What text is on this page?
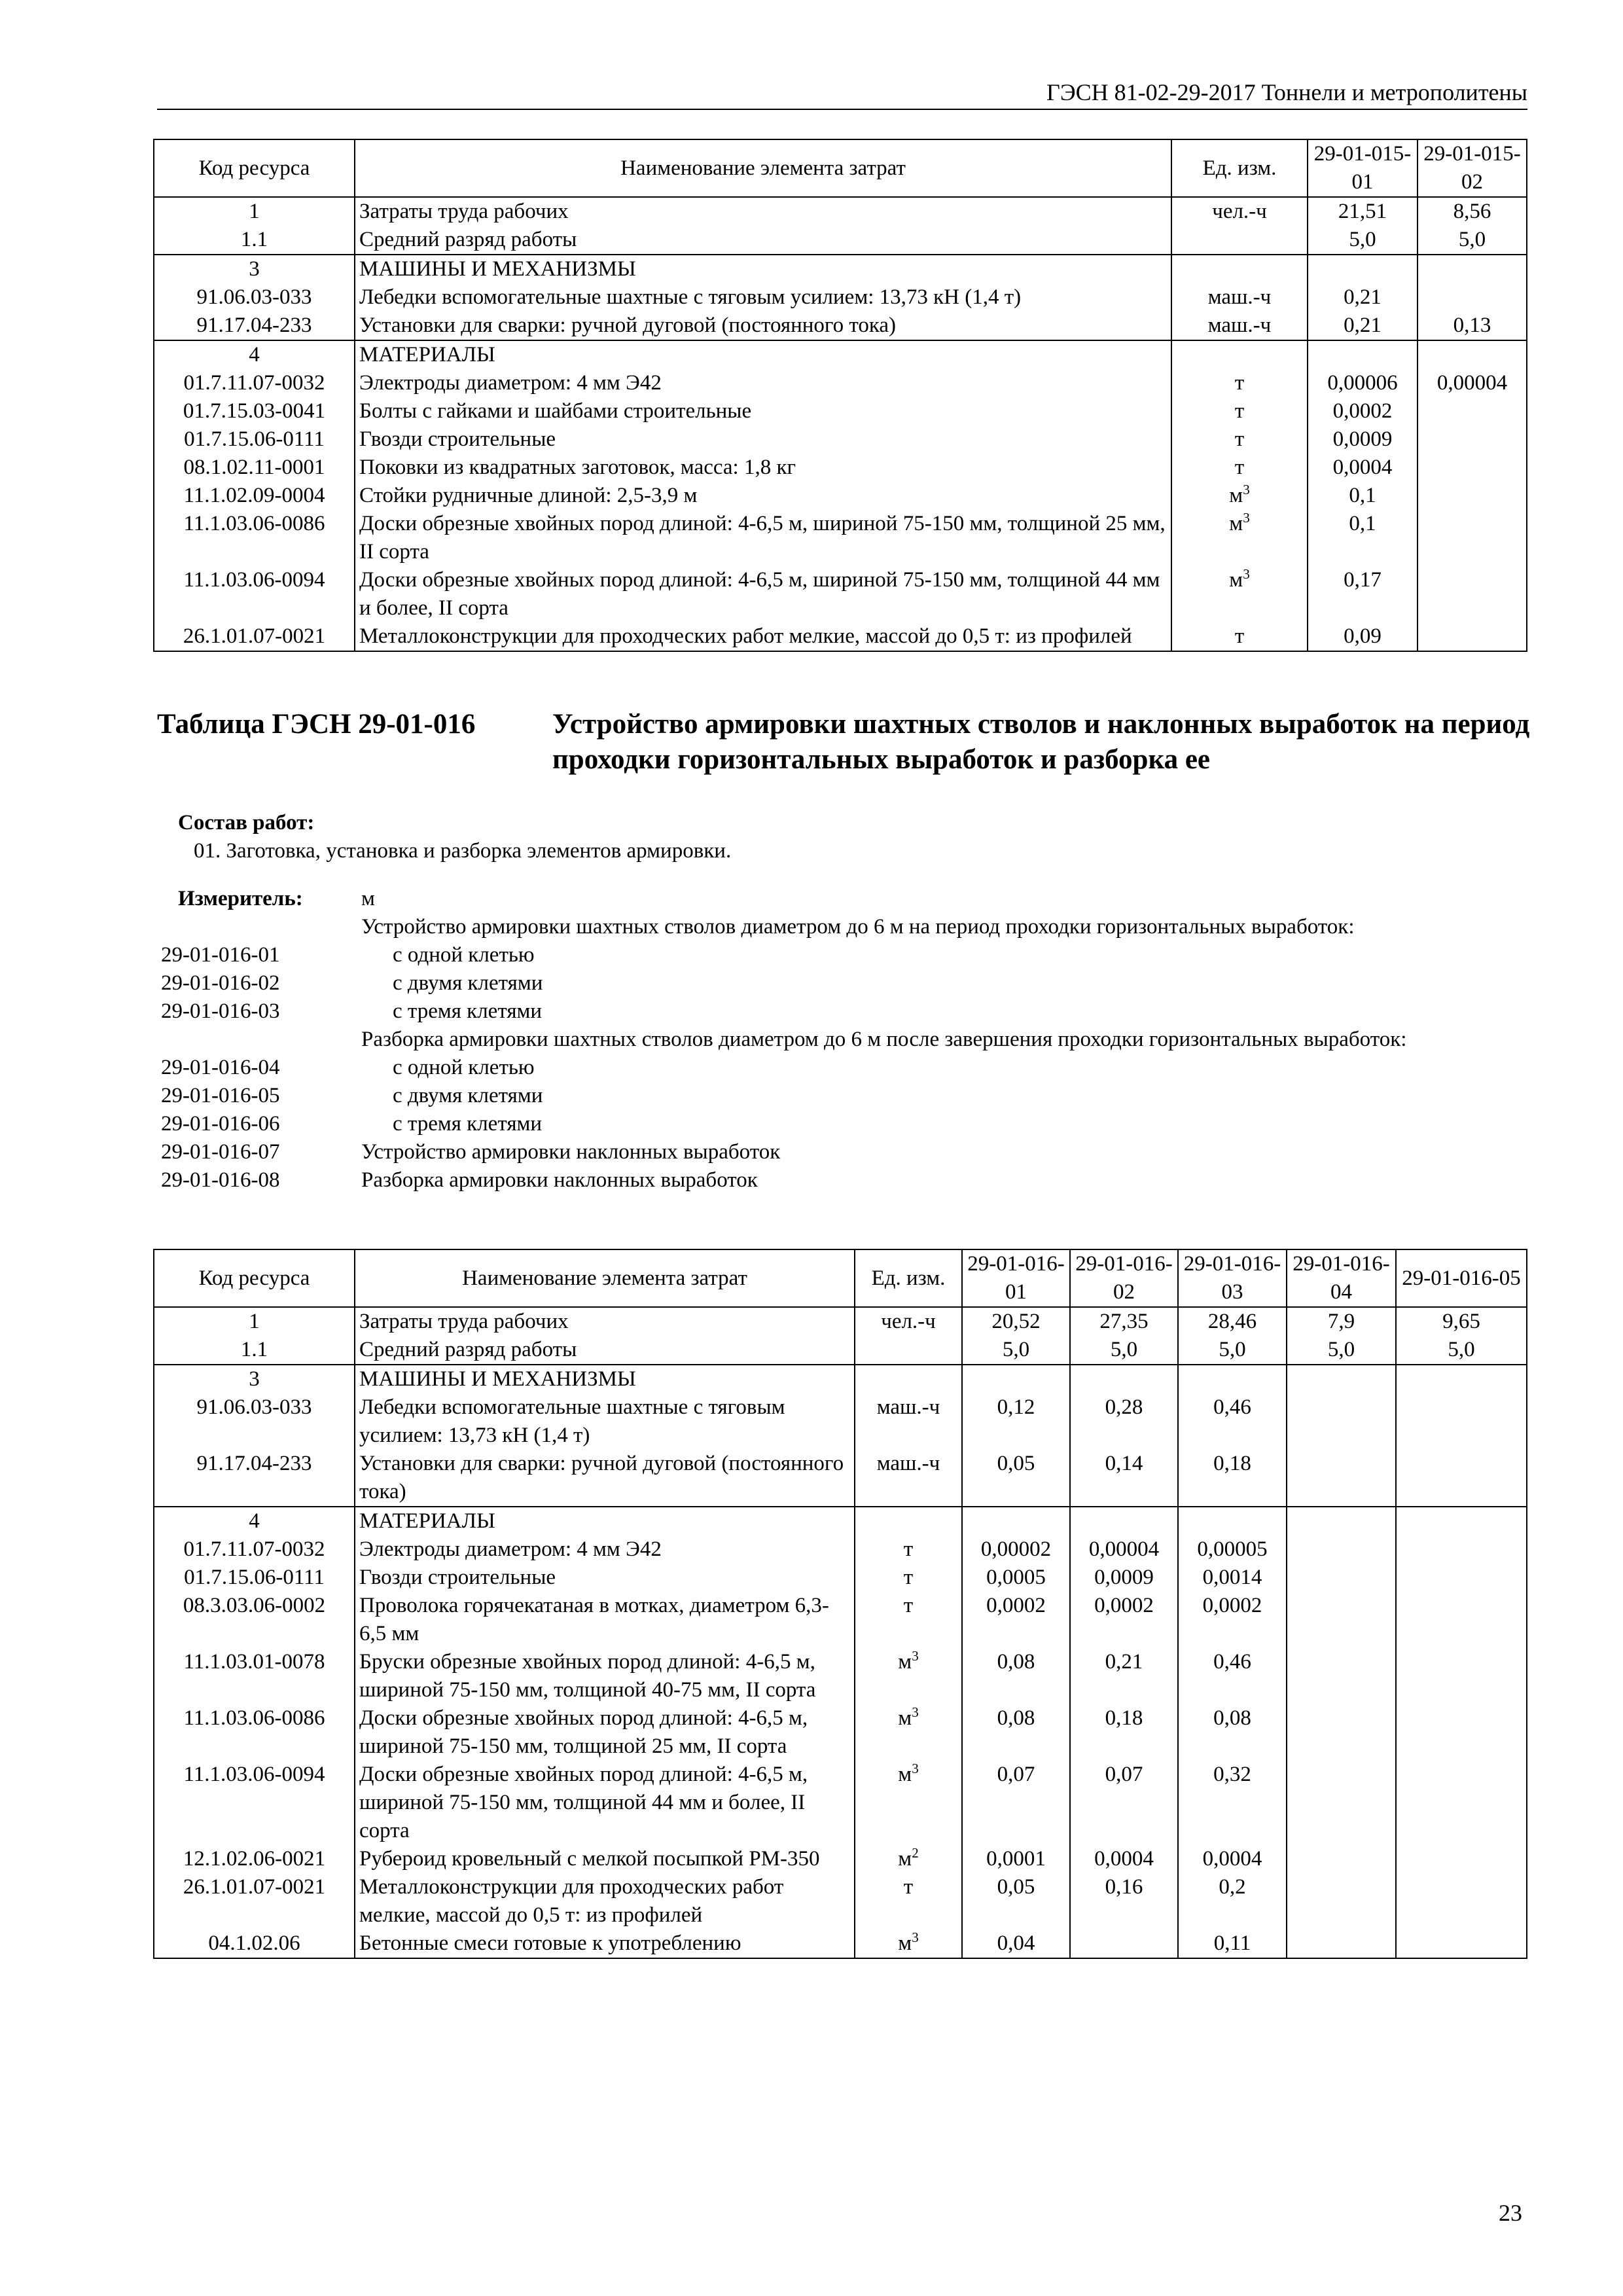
ГЭСН 81-02-29-2017 Тоннели и метрополитены
Код ресурса	Наименование элемента затрат	Ед. изм.	29-01-015-01	29-01-015-02
1	Затраты труда рабочих	чел.-ч	21,51	8,56
1.1	Средний разряд работы		5,0	5,0
3	МАШИНЫ И МЕХАНИЗМЫ			
91.06.03-033	Лебедки вспомогательные шахтные с тяговым усилием: 13,73 кН (1,4 т)	маш.-ч	0,21	
91.17.04-233	Установки для сварки: ручной дуговой (постоянного тока)	маш.-ч	0,21	0,13
4	МАТЕРИАЛЫ			
01.7.11.07-0032	Электроды диаметром: 4 мм Э42	т	0,00006	0,00004
01.7.15.03-0041	Болты с гайками и шайбами строительные	т	0,0002	
01.7.15.06-0111	Гвозди строительные	т	0,0009	
08.1.02.11-0001	Поковки из квадратных заготовок, масса: 1,8 кг	т	0,0004	
11.1.02.09-0004	Стойки рудничные длиной: 2,5-3,9 м	$м^3$	0,1	
11.1.03.06-0086	Доски обрезные хвойных пород длиной: 4-6,5 м, шириной 75-150 мм, толщиной 25 мм, II сорта	$м^3$	0,1	
11.1.03.06-0094	Доски обрезные хвойных пород длиной: 4-6,5 м, шириной 75-150 мм, толщиной 44 мм и более, II сорта	$м^3$	0,17	
26.1.01.07-0021	Металлоконструкции для проходческих работ мелкие, массой до 0,5 т: из профилей	т	0,09	
Таблица ГЭСН 29-01-016	Устройство армировки шахтных стволов и наклонных выработок на период проходки горизонтальных выработок и разборка ее
Состав работ:
01. Заготовка, установка и разборка элементов армировки.
Измеритель:	м
Устройство армировки шахтных стволов диаметром до 6 м на период проходки горизонтальных выработок:
29-01-016-01	с одной клетью
29-01-016-02	с двумя клетями
29-01-016-03	с тремя клетями
Разборка армировки шахтных стволов диаметром до 6 м после завершения проходки горизонтальных выработок:
29-01-016-04	с одной клетью
29-01-016-05	с двумя клетями
29-01-016-06	с тремя клетями
29-01-016-07	Устройство армировки наклонных выработок
29-01-016-08	Разборка армировки наклонных выработок
Код ресурса	Наименование элемента затрат	Ед. изм.	29-01-016-01	29-01-016-02	29-01-016-03	29-01-016-04	29-01-016-05
1	Затраты труда рабочих	чел.-ч	20,52	27,35	28,46	7,9	9,65
1.1	Средний разряд работы		5,0	5,0	5,0	5,0	5,0
3	МАШИНЫ И МЕХАНИЗМЫ						
91.06.03-033	Лебедки вспомогательные шахтные с тяговым усилием: 13,73 кН (1,4 т)	маш.-ч	0,12	0,28	0,46		
91.17.04-233	Установки для сварки: ручной дуговой (постоянного тока)	маш.-ч	0,05	0,14	0,18		
4	МАТЕРИАЛЫ						
01.7.11.07-0032	Электроды диаметром: 4 мм Э42	т	0,00002	0,00004	0,00005		
01.7.15.06-0111	Гвозди строительные	т	0,0005	0,0009	0,0014		
08.3.03.06-0002	Проволока горячекатаная в мотках, диаметром 6,3-6,5 мм	т	0,0002	0,0002	0,0002		
11.1.03.01-0078	Бруски обрезные хвойных пород длиной: 4-6,5 м, шириной 75-150 мм, толщиной 40-75 мм, II сорта	$м^3$	0,08	0,21	0,46		
11.1.03.06-0086	Доски обрезные хвойных пород длиной: 4-6,5 м, шириной 75-150 мм, толщиной 25 мм, II сорта	$м^3$	0,08	0,18	0,08		
11.1.03.06-0094	Доски обрезные хвойных пород длиной: 4-6,5 м, шириной 75-150 мм, толщиной 44 мм и более, II сорта	$м^3$	0,07	0,07	0,32		
12.1.02.06-0021	Рубероид кровельный с мелкой посыпкой РМ-350	$м^2$	0,0001	0,0004	0,0004		
26.1.01.07-0021	Металлоконструкции для проходческих работ мелкие, массой до 0,5 т: из профилей	т	0,05	0,16	0,2		
04.1.02.06	Бетонные смеси готовые к употреблению	$м^3$	0,04		0,11		
23
